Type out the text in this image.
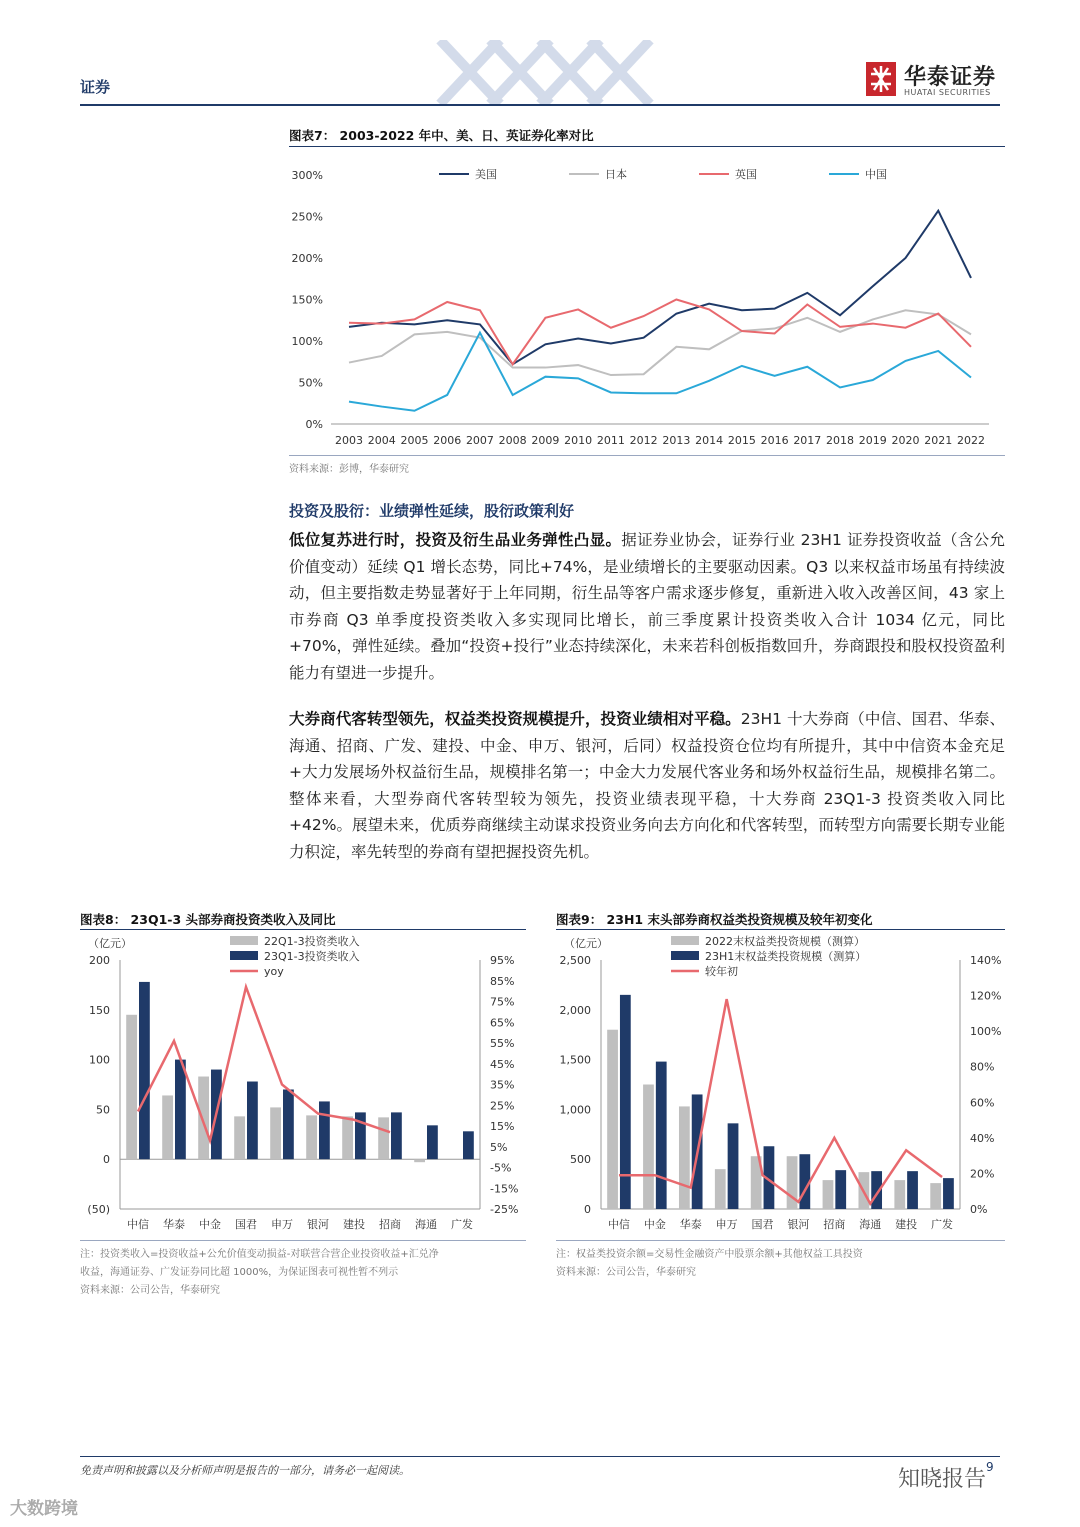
证券	华泰证券
HUATAI SECURITIES
图表7： 2003-2022 年中、美、日、英证券化率对比
300%
250%
200%
150%
100%
50%
0%
2003 2004 2005 2006 2007 2008 2009 2010 2011 2012 2013 2014 2015 2016 2017 2018 2019 2020 2021 2022
美国	日本	英国	中国
资料来源：彭博，华泰研究
投资及股衍：业绩弹性延续，股衍政策利好
低位复苏进行时，投资及衍生品业务弹性凸显。据证券业协会，证券行业 23H1 证券投资收益（含公允价值变动）延续 Q1 增长态势，同比+74%，是业绩增长的主要驱动因素。Q3 以来权益市场虽有持续波动，但主要指数走势显著好于上年同期，衍生品等客户需求逐步修复，重新进入收入改善区间，43 家上市券商 Q3 单季度投资类收入多实现同比增长，前三季度累计投资类收入合计 1034 亿元，同比+70%，弹性延续。叠加“投资+投行”业态持续深化，未来若科创板指数回升，券商跟投和股权投资盈利能力有望进一步提升。
大券商代客转型领先，权益类投资规模提升，投资业绩相对平稳。23H1 十大券商（中信、国君、华泰、海通、招商、广发、建投、中金、申万、银河，后同）权益投资仓位均有所提升，其中中信资本金充足+大力发展场外权益衍生品，规模排名第一；中金大力发展代客业务和场外权益衍生品，规模排名第二。整体来看，大型券商代客转型较为领先，投资业绩表现平稳，十大券商 23Q1-3 投资类收入同比+42%。展望未来，优质券商继续主动谋求投资业务向去方向化和代客转型，而转型方向需要长期专业能力积淀，率先转型的券商有望把握投资先机。
图表8： 23Q1-3 头部券商投资类收入及同比
（亿元）
200
150
100
50
0
(50)
95%
85%
75%
65%
55%
45%
35%
25%
15%
5%
-5%
-15%
-25%
中信 华泰 中金 国君 申万 银河 建投 招商 海通 广发
22Q1-3投资类收入
23Q1-3投资类收入
yoy
注：投资类收入=投资收益+公允价值变动损益-对联营合营企业投资收益+汇兑净
收益，海通证券、广发证券同比超 1000%，为保证图表可视性暂不列示
资料来源：公司公告，华泰研究
图表9： 23H1 末头部券商权益类投资规模及较年初变化
（亿元）
2,500
2,000
1,500
1,000
500
0
140%
120%
100%
80%
60%
40%
20%
0%
中信 中金 华泰 申万 国君 银河 招商 海通 建投 广发
2022末权益类投资规模（测算）
23H1末权益类投资规模（测算）
较年初
注：权益类投资余额=交易性金融资产中股票余额+其他权益工具投资
资料来源：公司公告，华泰研究
免责声明和披露以及分析师声明是报告的一部分，请务必一起阅读。	9
知晓报告
大数跨境
